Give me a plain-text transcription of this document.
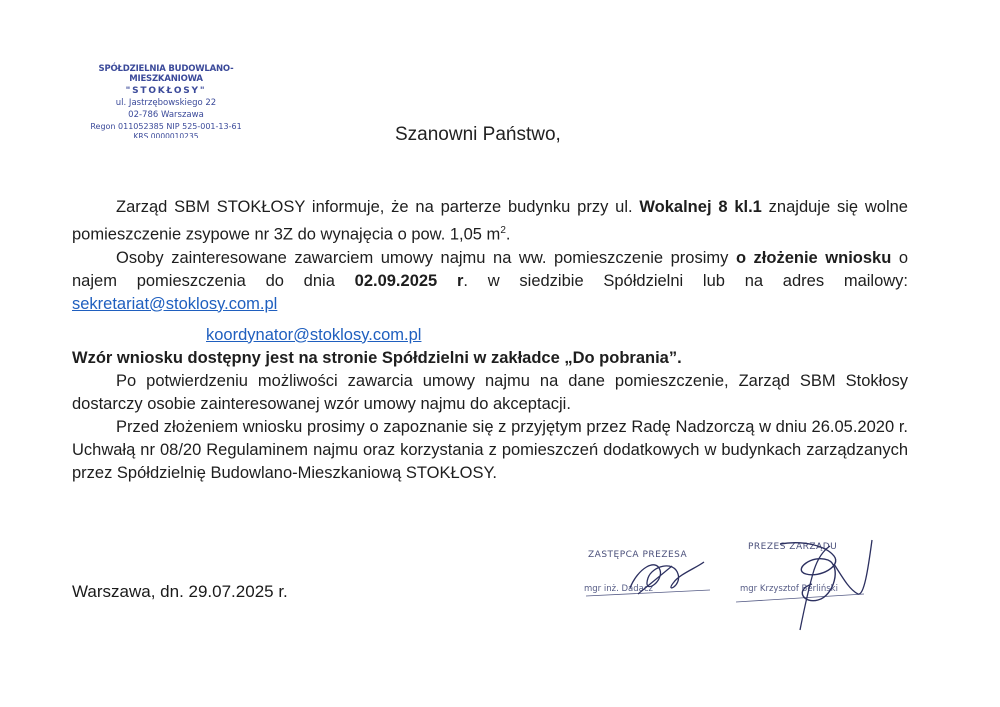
SPÓŁDZIELNIA BUDOWLANO-MIESZKANIOWA
"STOKŁOSY"
ul. Jastrzębowskiego 22
02-786 Warszawa
Regon 011052385 NIP 525-001-13-61
KRS 0000010235	Szanowni Państwo,

Zarząd SBM STOKŁOSY informuje, że na parterze budynku przy ul. Wokalnej 8 kl.1 znajduje się wolne pomieszczenie zsypowe nr 3Z do wynajęcia o pow. 1,05 $m^2$.

Osoby zainteresowane zawarciem umowy najmu na ww. pomieszczenie prosimy o złożenie wniosku o najem pomieszczenia do dnia 02.09.2025 r. w siedzibie Spółdzielni lub na adres mailowy: sekretariat@stoklosy.com.pl

koordynator@stoklosy.com.pl

Wzór wniosku dostępny jest na stronie Spółdzielni w zakładce „Do pobrania”.

Po potwierdzeniu możliwości zawarcia umowy najmu na dane pomieszczenie, Zarząd SBM Stokłosy dostarczy osobie zainteresowanej wzór umowy najmu do akceptacji.

Przed złożeniem wniosku prosimy o zapoznanie się z przyjętym przez Radę Nadzorczą w dniu 26.05.2020 r. Uchwałą nr 08/20 Regulaminem najmu oraz korzystania z pomieszczeń dodatkowych w budynkach zarządzanych przez Spółdzielnię Budowlano-Mieszkaniową STOKŁOSY.

Warszawa, dn. 29.07.2025 r.
ZASTĘPCA PREZESA
mgr inż. Dadacz
PREZES ZARZĄDU
mgr Krzysztof Berliński
